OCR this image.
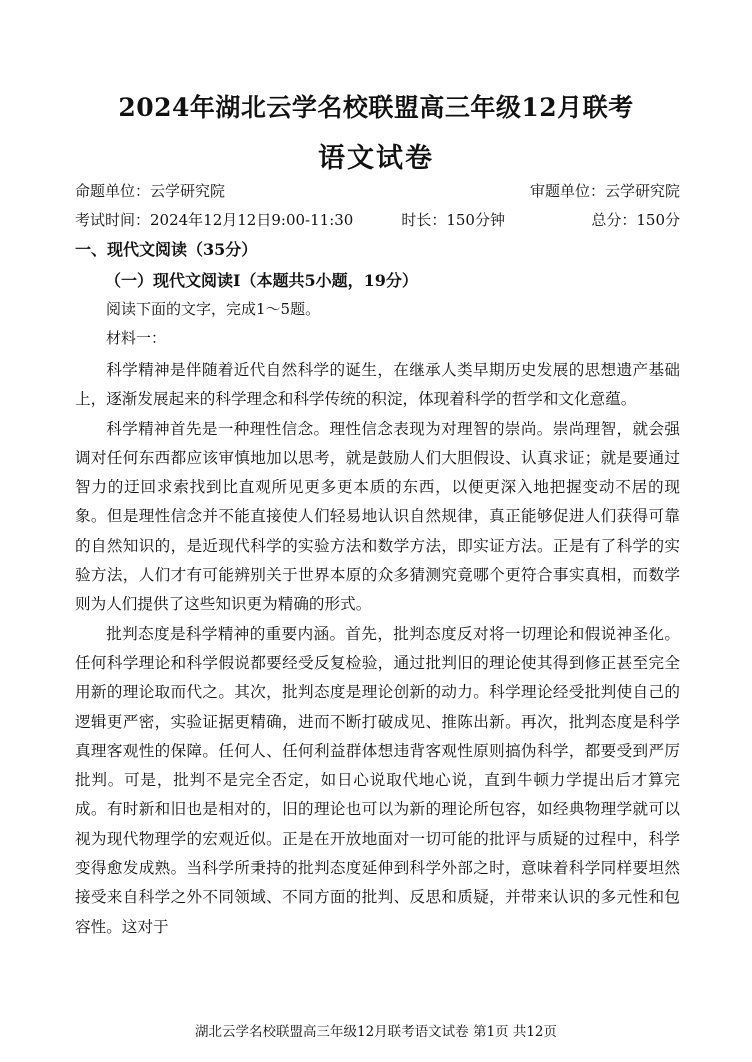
2024年湖北云学名校联盟高三年级12月联考
语文试卷
命题单位：云学研究院	审题单位：云学研究院
考试时间：2024年12月12日9:00-11:30	时长：150分钟	总分：150分
一、现代文阅读（35分）
（一）现代文阅读Ⅰ（本题共5小题，19分）
阅读下面的文字，完成1～5题。
材料一：

科学精神是伴随着近代自然科学的诞生，在继承人类早期历史发展的思想遗产基础上，逐渐发展起来的科学理念和科学传统的积淀，体现着科学的哲学和文化意蕴。

科学精神首先是一种理性信念。理性信念表现为对理智的崇尚。崇尚理智，就会强调对任何东西都应该审慎地加以思考，就是鼓励人们大胆假设、认真求证；就是要通过智力的迂回求索找到比直观所见更多更本质的东西，以便更深入地把握变动不居的现象。但是理性信念并不能直接使人们轻易地认识自然规律，真正能够促进人们获得可靠的自然知识的，是近现代科学的实验方法和数学方法，即实证方法。正是有了科学的实验方法，人们才有可能辨别关于世界本原的众多猜测究竟哪个更符合事实真相，而数学则为人们提供了这些知识更为精确的形式。

批判态度是科学精神的重要内涵。首先，批判态度反对将一切理论和假说神圣化。任何科学理论和科学假说都要经受反复检验，通过批判旧的理论使其得到修正甚至完全用新的理论取而代之。其次，批判态度是理论创新的动力。科学理论经受批判使自己的逻辑更严密，实验证据更精确，进而不断打破成见、推陈出新。再次，批判态度是科学真理客观性的保障。任何人、任何利益群体想违背客观性原则搞伪科学，都要受到严厉批判。可是，批判不是完全否定，如日心说取代地心说，直到牛顿力学提出后才算完成。有时新和旧也是相对的，旧的理论也可以为新的理论所包容，如经典物理学就可以视为现代物理学的宏观近似。正是在开放地面对一切可能的批评与质疑的过程中，科学变得愈发成熟。当科学所秉持的批判态度延伸到科学外部之时，意味着科学同样要坦然接受来自科学之外不同领域、不同方面的批判、反思和质疑，并带来认识的多元性和包容性。这对于

湖北云学名校联盟高三年级12月联考语文试卷 第1页 共12页
